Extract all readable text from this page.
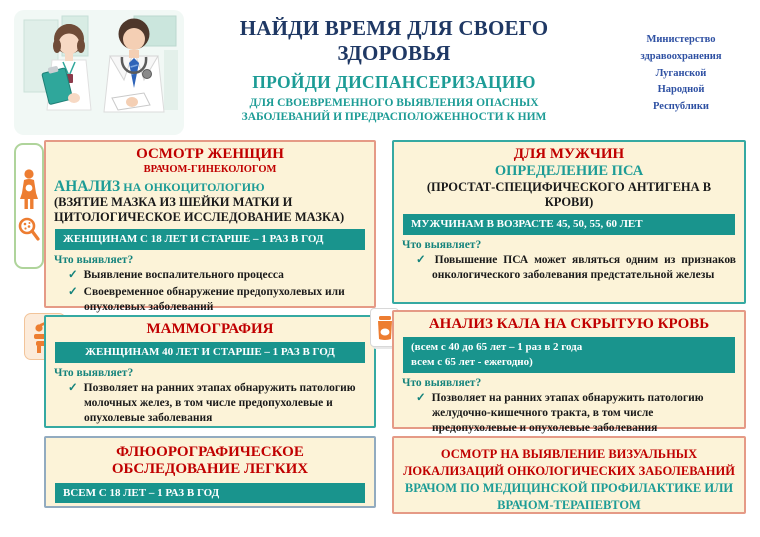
НАЙДИ ВРЕМЯ ДЛЯ СВОЕГО ЗДОРОВЬЯ
ПРОЙДИ ДИСПАНСЕРИЗАЦИЮ
ДЛЯ СВОЕВРЕМЕННОГО ВЫЯВЛЕНИЯ ОПАСНЫХ ЗАБОЛЕВАНИЙ И ПРЕДРАСПОЛОЖЕННОСТИ К НИМ
Министерство
здравоохранения
Луганской
Народной
Республики
ОСМОТР ЖЕНЩИН
ВРАЧОМ-ГИНЕКОЛОГОМ
АНАЛИЗ НА ОНКОЦИТОЛОГИЮ
(ВЗЯТИЕ МАЗКА ИЗ ШЕЙКИ МАТКИ И ЦИТОЛОГИЧЕСКОЕ ИССЛЕДОВАНИЕ МАЗКА)
ЖЕНЩИНАМ С 18 ЛЕТ И СТАРШЕ – 1 РАЗ В ГОД
Что выявляет?
✓ Выявление воспалительного процесса
✓ Своевременное обнаружение предопухолевых или опухолевых заболеваний
МАММОГРАФИЯ
ЖЕНЩИНАМ 40 ЛЕТ И СТАРШЕ – 1 РАЗ В ГОД
Что выявляет?
✓ Позволяет на ранних этапах обнаружить патологию молочных желез, в том числе предопухолевые и опухолевые заболевания
ФЛЮОРОГРАФИЧЕСКОЕ ОБСЛЕДОВАНИЕ ЛЕГКИХ
ВСЕМ С 18 ЛЕТ – 1 РАЗ В ГОД
ДЛЯ МУЖЧИН
ОПРЕДЕЛЕНИЕ ПСА
(ПРОСТАТ-СПЕЦИФИЧЕСКОГО АНТИГЕНА В КРОВИ)
МУЖЧИНАМ В ВОЗРАСТЕ 45, 50, 55, 60 ЛЕТ
Что выявляет?
✓ Повышение ПСА может являться одним из признаков онкологического заболевания предстательной железы
АНАЛИЗ КАЛА НА СКРЫТУЮ КРОВЬ
(всем с 40 до 65 лет – 1 раз в 2 года
всем с 65 лет - ежегодно)
Что выявляет?
✓ Позволяет на ранних этапах обнаружить патологию желудочно-кишечного тракта, в том числе предопухолевые и опухолевые заболевания
ОСМОТР НА ВЫЯВЛЕНИЕ ВИЗУАЛЬНЫХ ЛОКАЛИЗАЦИЙ ОНКОЛОГИЧЕСКИХ ЗАБОЛЕВАНИЙ ВРАЧОМ ПО МЕДИЦИНСКОЙ ПРОФИЛАКТИКЕ ИЛИ ВРАЧОМ-ТЕРАПЕВТОМ
